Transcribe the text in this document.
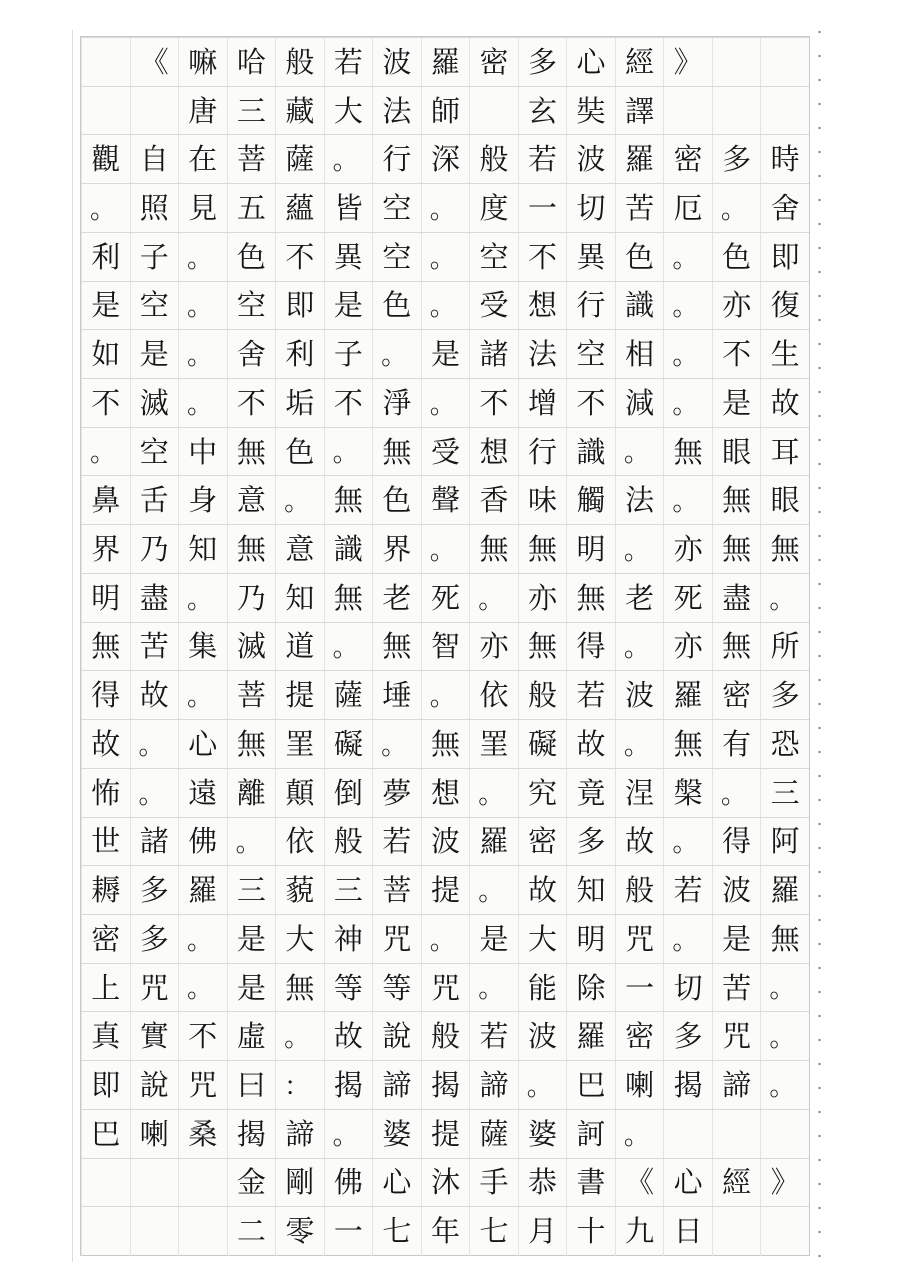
《 嘛 哈 般 若 波 羅 密 多 心 經 》
唐 三 藏 大 法 師
　	玄 奘 譯
觀 自 在 菩 薩 。 行 深 般 若 波 羅 密 多 時
。 照 見 五 蘊 皆 空 。 度 一 切 苦 厄 。 舍
利 子 。 色 不 異 空 。 空 不 異 色 。 色 即
是 空 。 空 即 是 色 。 受 想 行 識 。 亦 復
如 是 。 舍 利 子 。 是 諸 法 空 相 。 不 生
不 滅 。 不 垢 不 淨 。 不 增 不 減 。 是 故
。 空 中 無 色 。 無 受 想 行 識 。 無 眼 耳
鼻 舌 身 意 。 無 色 聲 香 味 觸 法 。 無 眼
界 乃 知 無 意 識 界 。 無 無 明 。 亦 無 無
明 盡 。 乃 知 無 老 死 。 亦 無 老 死 盡 。
無 苦 集 滅 道 。 無 智 亦 無 得 。 亦 無 所
得 故 。 菩 提 薩 埵 。 依 般 若 波 羅 密 多
故 。 心 無 罣 礙 。 無 罣 礙 故 。 無 有 恐
怖 。 遠 離 顛 倒 夢 想 。 究 竟 涅 槃 。 三
世 諸 佛 。 依 般 若 波 羅 密 多 故 。 得 阿
耨 多 羅 三 藐 三 菩 提 。 故 知 般 若 波 羅
密 多 。 是 大 神 咒 。 是 大 明 咒 。 是 無
上 咒 。 是 無 等 等 咒 。 能 除 一 切 苦 。
真 實 不 虛 。 故 說 般 若 波 羅 密 多 咒 。
即 說 咒 曰 ： 揭 諦 揭 諦 。 巴 喇 揭 諦 。
巴 喇 桑 揭 諦 。 婆 提 薩 婆 訶 。
金 剛 佛 心 沐 手 恭 書 《 心 經 》
二 零 一 七 年 七 月 十 九 日
